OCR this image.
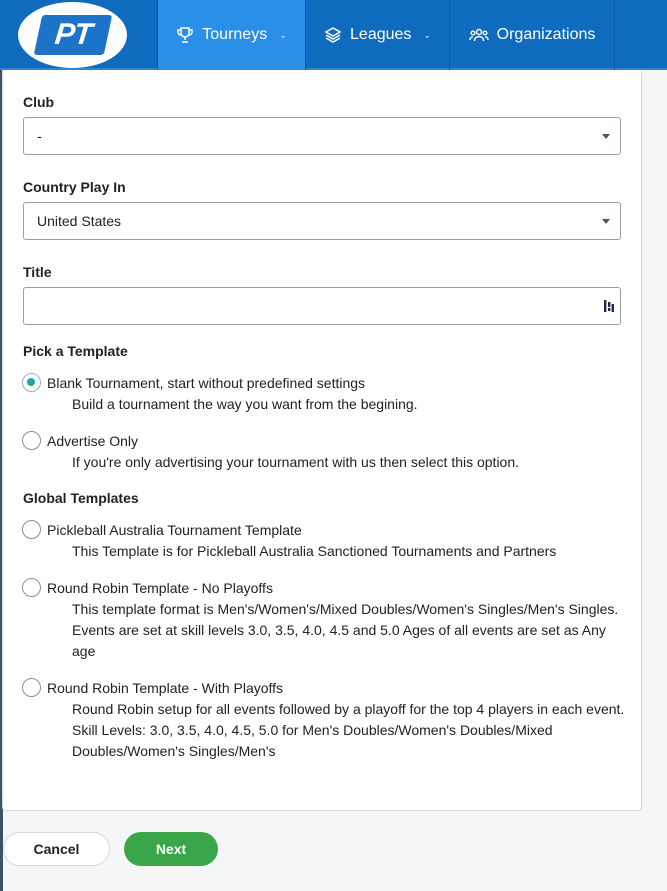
PT	Tourneys ⌄	Leagues ⌄	Organizations
Club
-
Country Play In
United States
Title
Pick a Template
Blank Tournament, start without predefined settings
Build a tournament the way you want from the begining.
Advertise Only
If you're only advertising your tournament with us then select this option.
Global Templates
Pickleball Australia Tournament Template
This Template is for Pickleball Australia Sanctioned Tournaments and Partners
Round Robin Template - No Playoffs
This template format is Men's/Women's/Mixed Doubles/Women's Singles/Men's Singles. Events are set at skill levels 3.0, 3.5, 4.0, 4.5 and 5.0 Ages of all events are set as Any age
Round Robin Template - With Playoffs
Round Robin setup for all events followed by a playoff for the top 4 players in each event. Skill Levels: 3.0, 3.5, 4.0, 4.5, 5.0 for Men's Doubles/Women's Doubles/Mixed Doubles/Women's Singles/Men's
Cancel	Next
